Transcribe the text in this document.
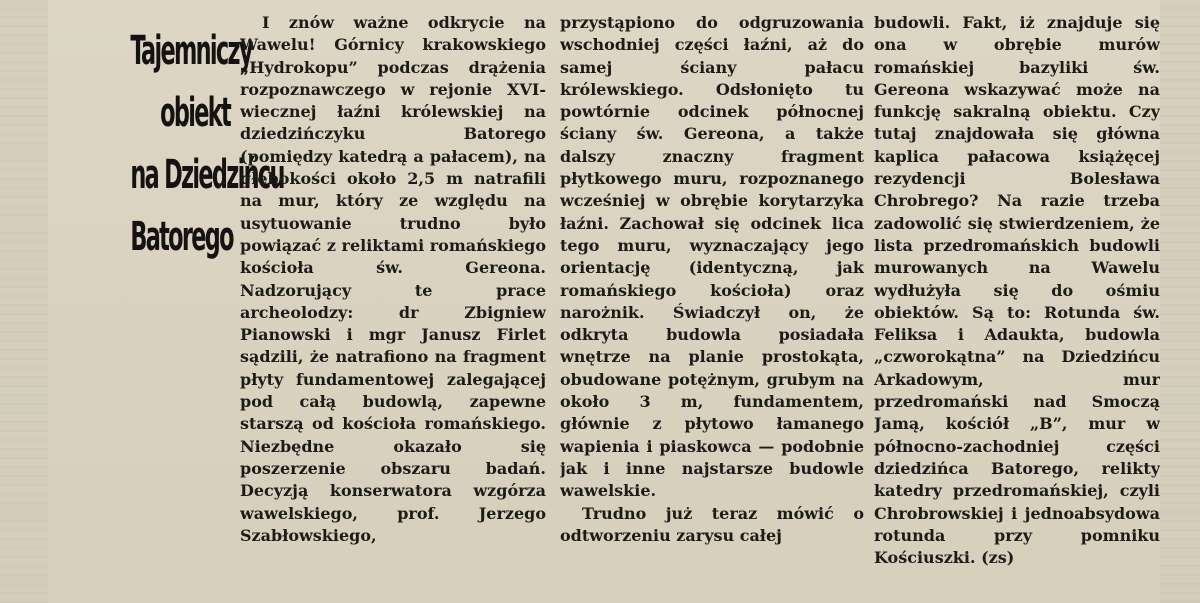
Tajemniczy
obiekt
na Dziedzińcu
Batorego

I znów ważne odkrycie na Wawelu! Górnicy krakowskiego „Hydrokopu” podczas drążenia rozpoznawczego w rejonie XVI-wiecznej łaźni królewskiej na dziedzińczyku Batorego (pomiędzy katedrą a pałacem), na głębokości około 2,5 m natrafili na mur, który ze względu na usytuowanie trudno było powiązać z reliktami romańskiego kościoła św. Gereona. Nadzorujący te prace archeolodzy: dr Zbigniew Pianowski i mgr Janusz Firlet sądzili, że natrafiono na fragment płyty fundamentowej zalegającej pod całą budowlą, zapewne starszą od kościoła romańskiego. Niezbędne okazało się poszerzenie obszaru badań. Decyzją konserwatora wzgórza wawelskiego, prof. Jerzego Szabłowskiego,

przystąpiono do odgruzowania wschodniej części łaźni, aż do samej ściany pałacu królewskiego. Odsłonięto tu powtórnie odcinek północnej ściany św. Gereona, a także dalszy znaczny fragment płytkowego muru, rozpoznanego wcześniej w obrębie korytarzyka łaźni. Zachował się odcinek lica tego muru, wyznaczający jego orientację (identyczną, jak romańskiego kościoła) oraz narożnik. Świadczył on, że odkryta budowla posiadała wnętrze na planie prostokąta, obudowane potężnym, grubym na około 3 m, fundamentem, głównie z płytowo łamanego wapienia i piaskowca — podobnie jak i inne najstarsze budowle wawelskie.

Trudno już teraz mówić o odtworzeniu zarysu całej

budowli. Fakt, iż znajduje się ona w obrębie murów romańskiej bazyliki św. Gereona wskazywać może na funkcję sakralną obiektu. Czy tutaj znajdowała się główna kaplica pałacowa książęcej rezydencji Bolesława Chrobrego? Na razie trzeba zadowolić się stwierdzeniem, że lista przedromańskich budowli murowanych na Wawelu wydłużyła się do ośmiu obiektów. Są to: Rotunda św. Feliksa i Adaukta, budowla „czworokątna” na Dziedzińcu Arkadowym, mur przedromański nad Smoczą Jamą, kościół „B”, mur w północno-zachodniej części dziedzińca Batorego, relikty katedry przedromańskiej, czyli Chrobrowskiej i jednoabsydowa rotunda przy pomniku Kościuszki. (zs)
